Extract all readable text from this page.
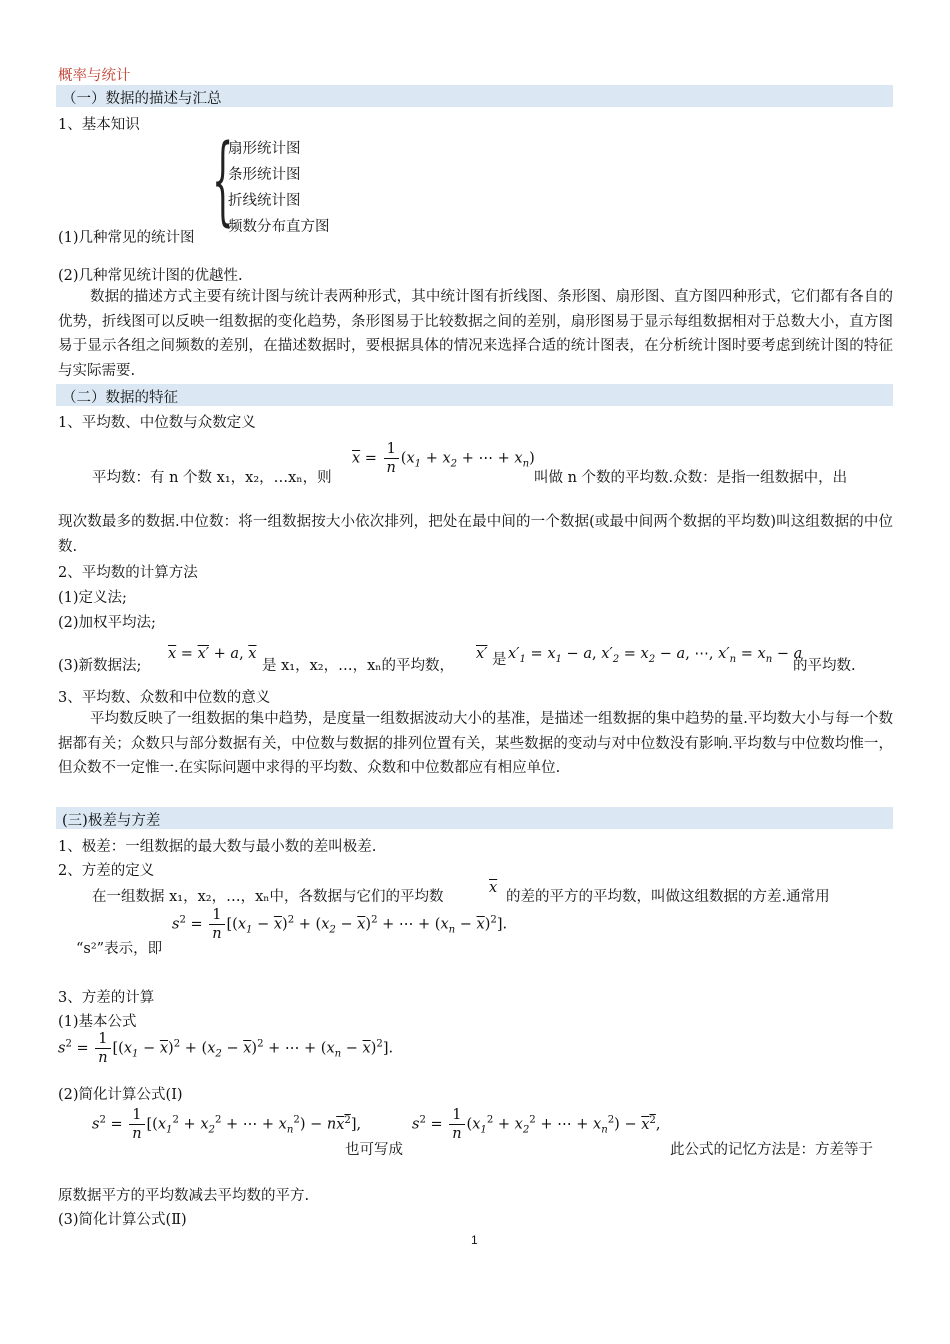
概率与统计
（一）数据的描述与汇总
1、基本知识
(1)几种常见的统计图
{
扇形统计图
条形统计图
折线统计图
频数分布直方图
(2)几种常见统计图的优越性.
数据的描述方式主要有统计图与统计表两种形式，其中统计图有折线图、条形图、扇形图、直方图四种形式，它们都有各自的优势，折线图可以反映一组数据的变化趋势，条形图易于比较数据之间的差别，扇形图易于显示每组数据相对于总数大小，直方图易于显示各组之间频数的差别，在描述数据时，要根据具体的情况来选择合适的统计图表，在分析统计图时要考虑到统计图的特征与实际需要.
（二）数据的特征
1、平均数、中位数与众数定义
平均数：有 n 个数 x₁，x₂，…xₙ，则
$\overline{x} = \frac{1}{n} (x_1 + x_2$ + ⋯ + $x_n$)
叫做 n 个数的平均数.众数：是指一组数据中，出
现次数最多的数据.中位数：将一组数据按大小依次排列，把处在最中间的一个数据(或最中间两个数据的平均数)叫这组数据的中位数.
2、平均数的计算方法
(1)定义法;
(2)加权平均法;
(3)新数据法;
$\overline{x} = x' + a$, $\overline{x}$
是 x₁，x₂，…，xₙ的平均数，
x′ 是 $x'_1 = x_1 - a$, $x'_2 = x_2 - a$, ⋯, $x'_n = x_n - a$
的平均数.
3、平均数、众数和中位数的意义
平均数反映了一组数据的集中趋势，是度量一组数据波动大小的基准，是描述一组数据的集中趋势的量.平均数大小与每一个数据都有关；众数只与部分数据有关，中位数与数据的排列位置有关，某些数据的变动与对中位数没有影响.平均数与中位数均惟一，但众数不一定惟一.在实际问题中求得的平均数、众数和中位数都应有相应单位.
(三)极差与方差
1、极差：一组数据的最大数与最小数的差叫极差.
2、方差的定义
在一组数据 x₁，x₂，…，xₙ中，各数据与它们的平均数
$\overline{x}$
的差的平方的平均数，叫做这组数据的方差.通常用
“s²”表示，即
$s^2 = \frac{1}{n} [(x_1 - \overline{x})^2 + (x_2 - \overline{x})^2$ + ⋯ + $(x_n - \overline{x})^2$].
3、方差的计算
(1)基本公式
$s^2 = \frac{1}{n} [(x_1 - \overline{x})^2 + (x_2 - \overline{x})^2$ + ⋯ + $(x_n - \overline{x})^2$].
(2)简化计算公式(Ⅰ)
$s^2 = \frac{1}{n} [(x_1^2 + x_2^2$ + ⋯ + $x_n^2) - nx^2$],
也可写成
$s^2 = \frac{1}{n} (x_1^2 + x_2^2$ + ⋯ + $x_n^2) - x^2$,
此公式的记忆方法是：方差等于
原数据平方的平均数减去平均数的平方.
(3)简化计算公式(Ⅱ)
1
